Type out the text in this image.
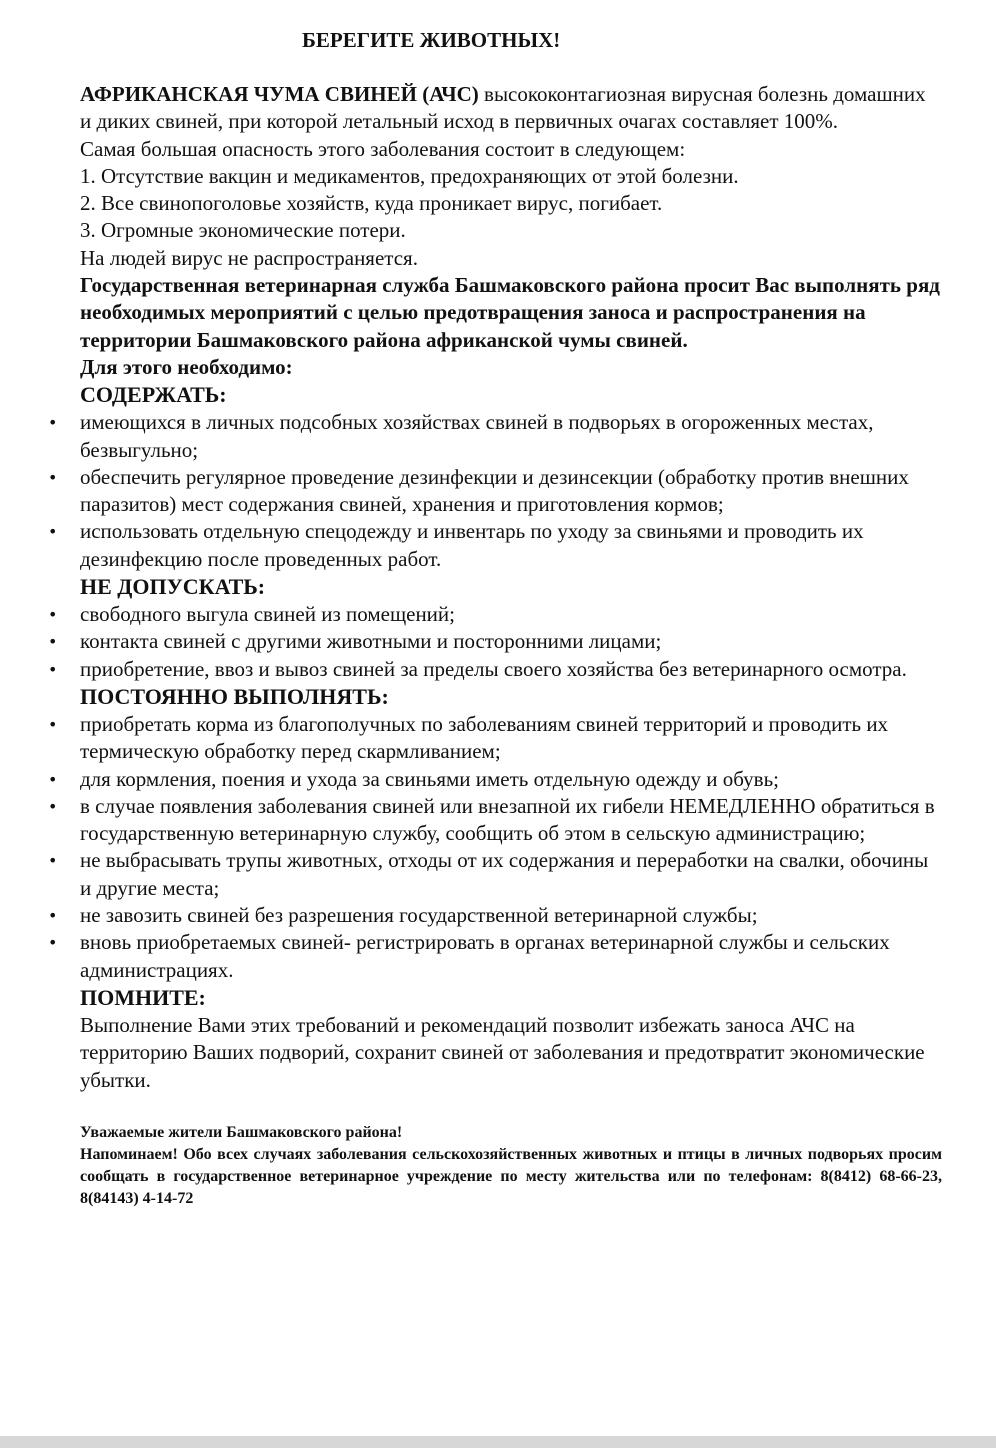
БЕРЕГИТЕ ЖИВОТНЫХ!

АФРИКАНСКАЯ ЧУМА СВИНЕЙ (АЧС) высококонтагиозная вирусная болезнь домашних и диких свиней, при которой летальный исход в первичных очагах составляет 100%.

Самая большая опасность этого заболевания состоит в следующем:

1. Отсутствие вакцин и медикаментов, предохраняющих от этой болезни.

2. Все свинопоголовье хозяйств, куда проникает вирус, погибает.

3. Огромные экономические потери.

На людей вирус не распространяется.

Государственная ветеринарная служба Башмаковского района просит Вас выполнять ряд необходимых мероприятий с целью предотвращения заноса и распространения на территории Башмаковского района африканской чумы свиней.

Для этого необходимо:

СОДЕРЖАТЬ:
• имеющихся в личных подсобных хозяйствах свиней в подворьях в огороженных местах, безвыгульно;
• обеспечить регулярное проведение дезинфекции и дезинсекции (обработку против внешних паразитов) мест содержания свиней, хранения и приготовления кормов;
• использовать отдельную спецодежду и инвентарь по уходу за свиньями и проводить их дезинфекцию после проведенных работ.
НЕ ДОПУСКАТЬ:
• свободного выгула свиней из помещений;
• контакта свиней с другими животными и посторонними лицами;
• приобретение, ввоз и вывоз свиней за пределы своего хозяйства без ветеринарного осмотра.
ПОСТОЯННО ВЫПОЛНЯТЬ:
• приобретать корма из благополучных по заболеваниям свиней территорий и проводить их термическую обработку перед скармливанием;
• для кормления, поения и ухода за свиньями иметь отдельную одежду и обувь;
• в случае появления заболевания свиней или внезапной их гибели НЕМЕДЛЕННО обратиться в государственную ветеринарную службу, сообщить об этом в сельскую администрацию;
• не выбрасывать трупы животных, отходы от их содержания и переработки на свалки, обочины и другие места;
• не завозить свиней без разрешения государственной ветеринарной службы;
• вновь приобретаемых свиней- регистрировать в органах ветеринарной службы и сельских администрациях.
ПОМНИТЕ:

Выполнение Вами этих требований и рекомендаций позволит избежать заноса АЧС на территорию Ваших подворий, сохранит свиней от заболевания и предотвратит экономические убытки.

Уважаемые жители Башмаковского района!

Напоминаем! Обо всех случаях заболевания сельскохозяйственных животных и птицы в личных подворьях просим сообщать в государственное ветеринарное учреждение по месту жительства или по телефонам: 8(8412) 68-66-23, 8(84143) 4-14-72
